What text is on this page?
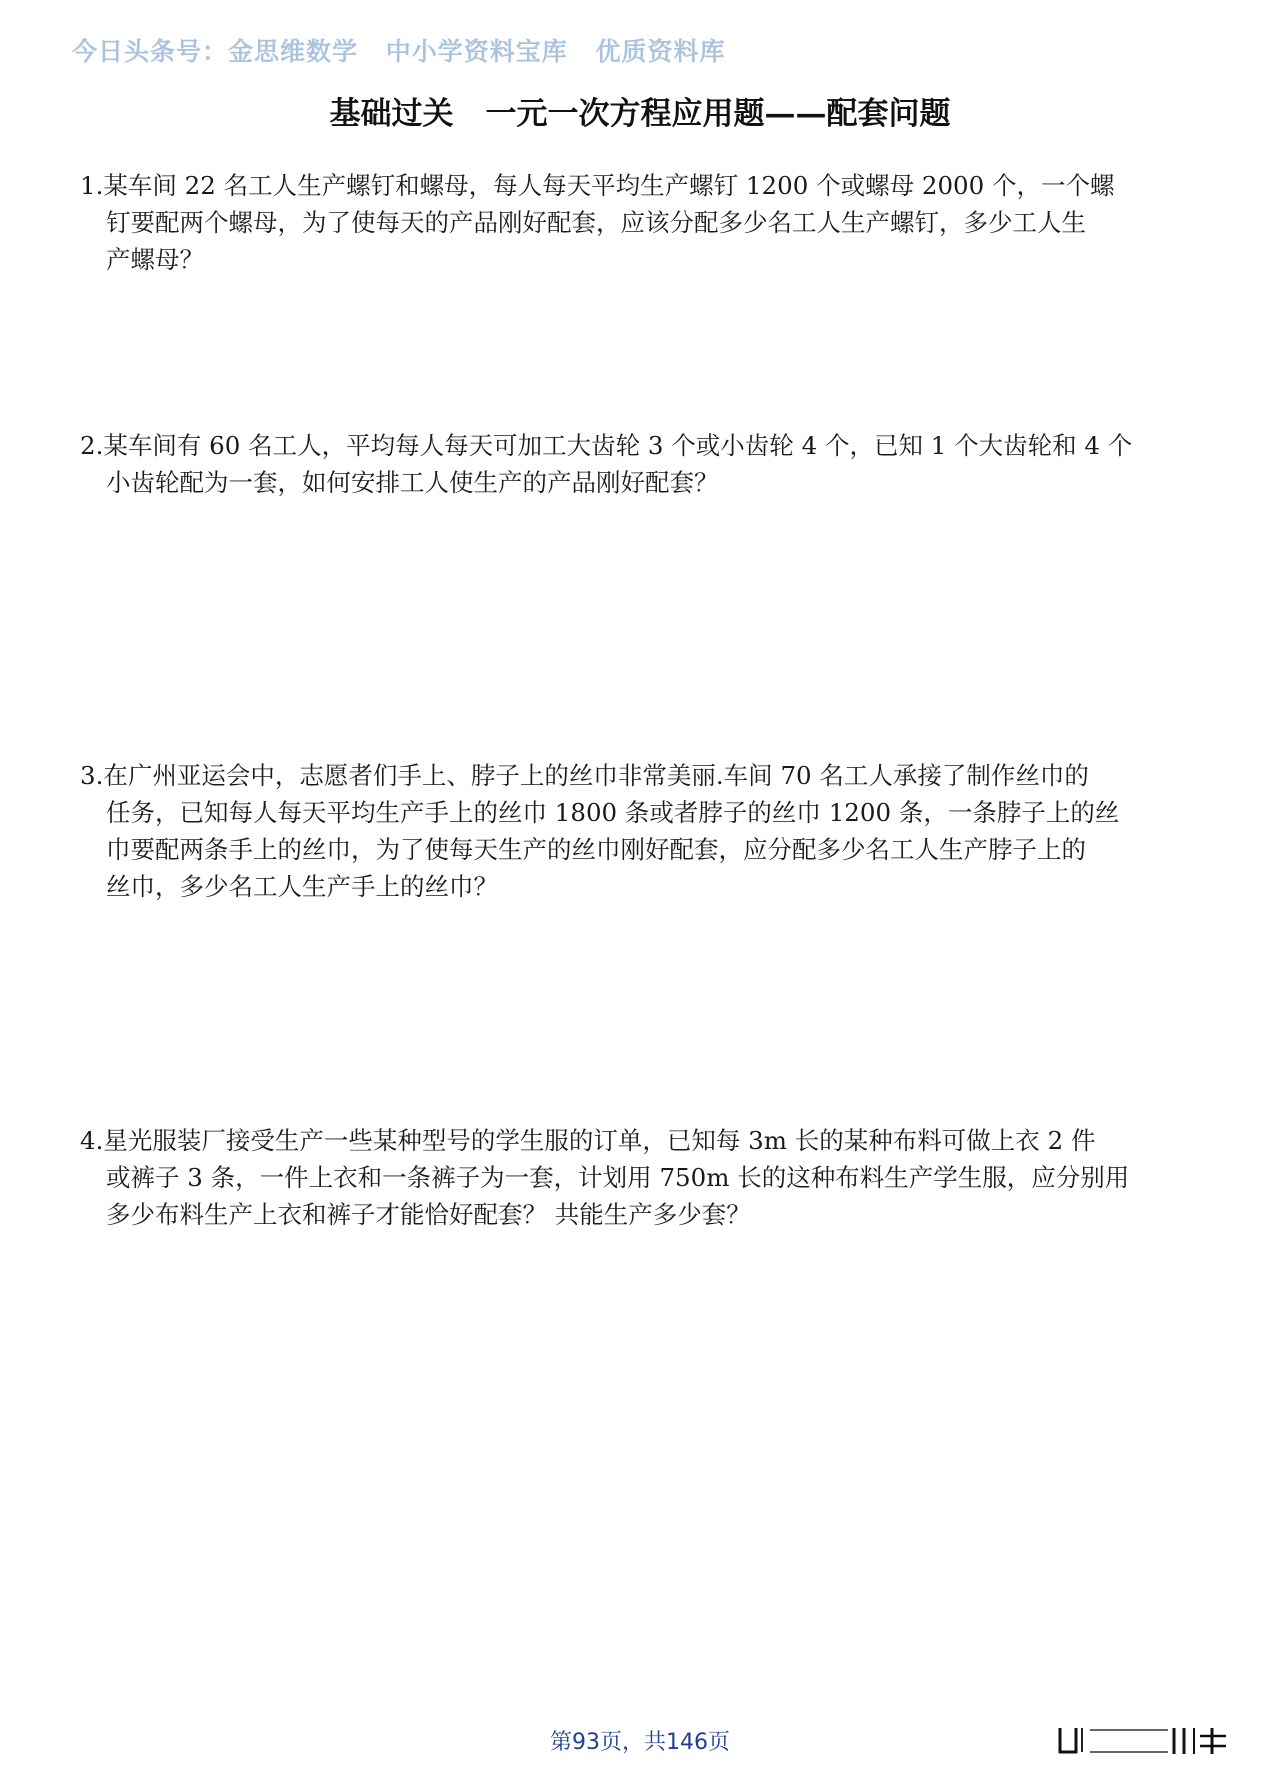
今日头条号：金思维数学 中小学资料宝库 优质资料库
基础过关 一元一次方程应用题——配套问题
1.某车间 22 名工人生产螺钉和螺母，每人每天平均生产螺钉 1200 个或螺母 2000 个，一个螺
钉要配两个螺母，为了使每天的产品刚好配套，应该分配多少名工人生产螺钉，多少工人生
产螺母？
2.某车间有 60 名工人，平均每人每天可加工大齿轮 3 个或小齿轮 4 个，已知 1 个大齿轮和 4 个
小齿轮配为一套，如何安排工人使生产的产品刚好配套？
3.在广州亚运会中，志愿者们手上、脖子上的丝巾非常美丽.车间 70 名工人承接了制作丝巾的
任务，已知每人每天平均生产手上的丝巾 1800 条或者脖子的丝巾 1200 条，一条脖子上的丝
巾要配两条手上的丝巾，为了使每天生产的丝巾刚好配套，应分配多少名工人生产脖子上的
丝巾，多少名工人生产手上的丝巾？
4.星光服装厂接受生产一些某种型号的学生服的订单，已知每 3m 长的某种布料可做上衣 2 件
或裤子 3 条，一件上衣和一条裤子为一套，计划用 750m 长的这种布料生产学生服，应分别用
多少布料生产上衣和裤子才能恰好配套？ 共能生产多少套？
第93页，共146页
